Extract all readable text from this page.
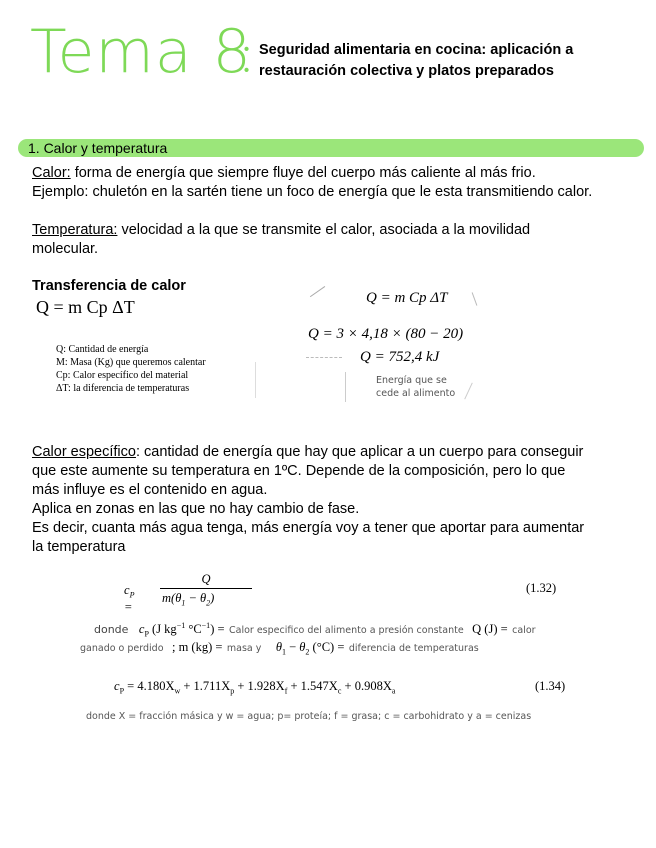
Tema 8
• Seguridad alimentaria en cocina: aplicación a
• restauración colectiva y platos preparados
1. Calor y temperatura
Calor: forma de energía que siempre fluye del cuerpo más caliente al más frio.
Ejemplo: chuletón en la sartén tiene un foco de energía que le esta transmitiendo calor.
Temperatura: velocidad a la que se transmite el calor, asociada a la movilidad
molecular.
Transferencia de calor
Q = m Cp ΔT
Q: Cantidad de energía
M: Masa (Kg) que queremos calentar
Cp: Calor específico del material
ΔT: la diferencia de temperaturas
Q = m Cp ΔT
Q = 3 × 4,18 × (80 − 20)
Q = 752,4 kJ
Energía que se
cede al alimento
Calor específico: cantidad de energía que hay que aplicar a un cuerpo para conseguir
que este aumente su temperatura en 1ºC. Depende de la composición, pero lo que
más influye es el contenido en agua.
Aplica en zonas en las que no hay cambio de fase.
Es decir, cuanta más agua tenga, más energía voy a tener que aportar para aumentar
la temperatura
$c_P$ =
Q
$m(\theta_1 - \theta_2)$
(1.32)
donde $c_P$ (J $kg^{-1}$ $^\circ C^{-1}$) = Calor especifico del alimento a presión constante Q (J) = calor
ganado o perdido ; m (kg) = masa y $\theta_1 - \theta_2$ (°C) = diferencia de temperaturas
$c_P = 4.180X_w + 1.711X_p + 1.928X_f + 1.547X_c + 0.908X_a$	(1.34)
donde X = fracción másica y w = agua; p= proteía; f = grasa; c = carbohidrato y a = cenizas
